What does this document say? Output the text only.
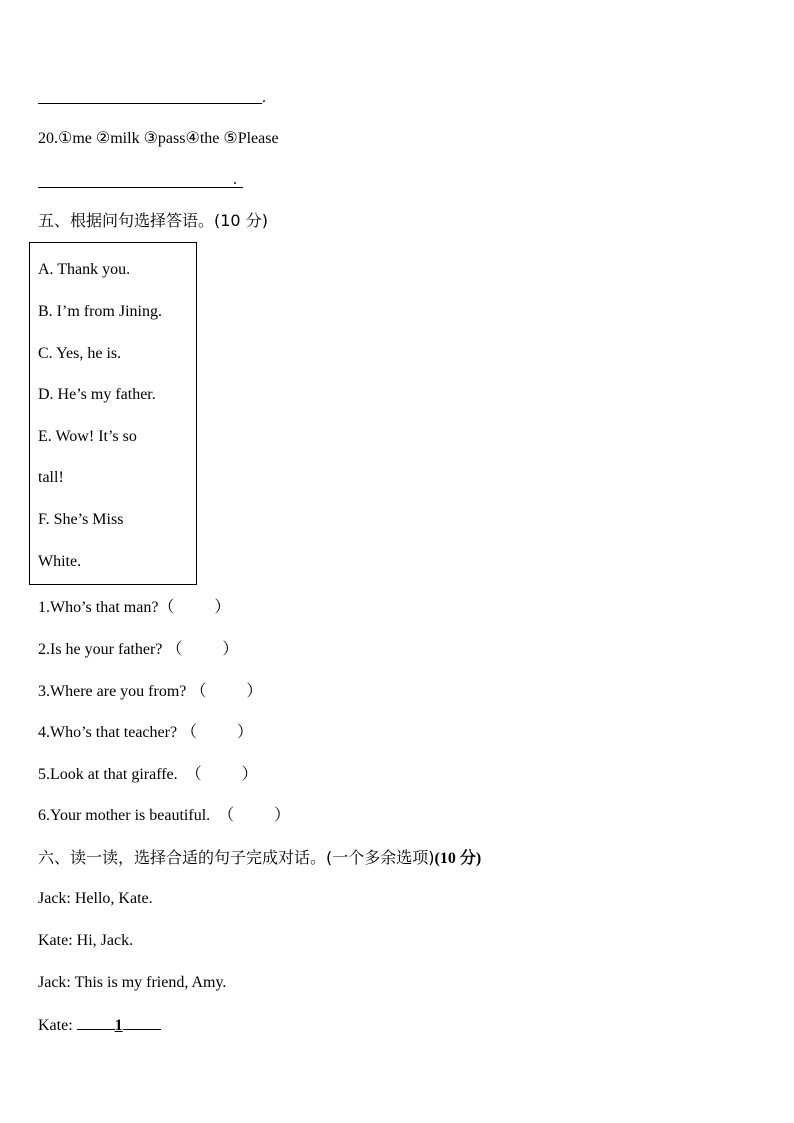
.
20.①me ②milk ③pass④the ⑤Please
.
五、根据问句选择答语。(10 分)
A. Thank you.
B. I’m from Jining.
C. Yes, he is.
D. He’s my father.
E. Wow! It’s so
tall!
F. She’s Miss
White.
1.Who’s that man?（          ）
2.Is he your father? （          ）
3.Where are you from? （          ）
4.Who’s that teacher? （          ）
5.Look at that giraffe.  （          ）
6.Your mother is beautiful.  （          ）
六、读一读，选择合适的句子完成对话。(一个多余选项)(10 分)
Jack: Hello, Kate.
Kate: Hi, Jack.
Jack: This is my friend, Amy.
Kate: 1
